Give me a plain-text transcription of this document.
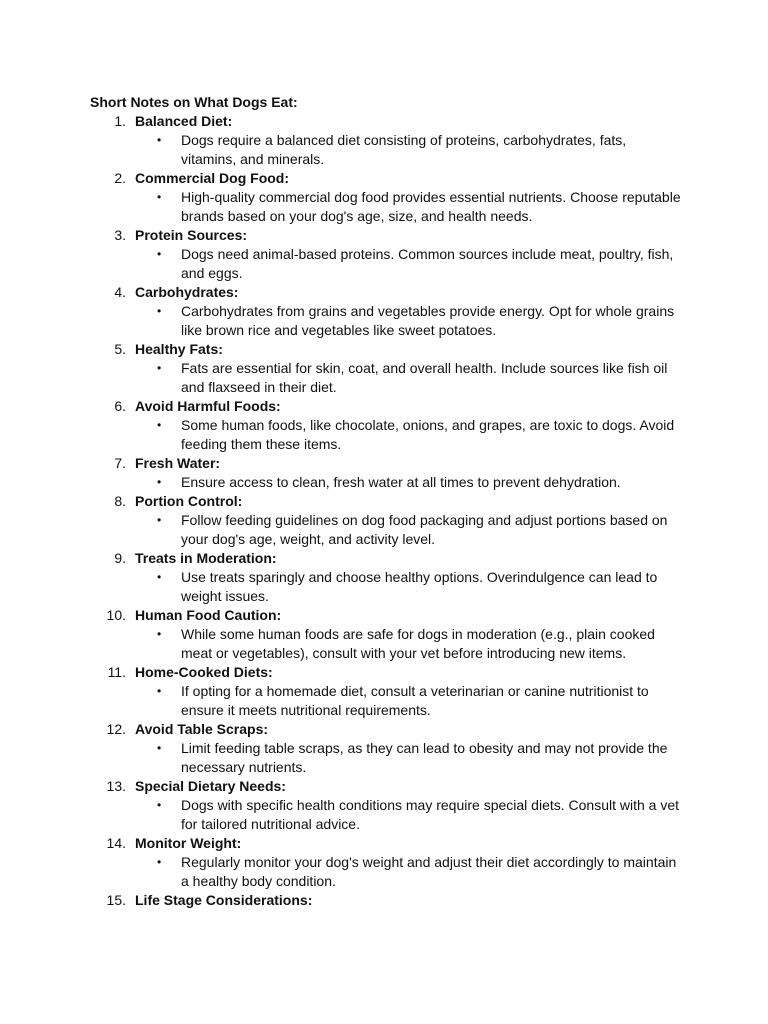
Short Notes on What Dogs Eat:
1. Balanced Diet:
• Dogs require a balanced diet consisting of proteins, carbohydrates, fats, vitamins, and minerals.
2. Commercial Dog Food:
• High-quality commercial dog food provides essential nutrients. Choose reputable brands based on your dog's age, size, and health needs.
3. Protein Sources:
• Dogs need animal-based proteins. Common sources include meat, poultry, fish, and eggs.
4. Carbohydrates:
• Carbohydrates from grains and vegetables provide energy. Opt for whole grains like brown rice and vegetables like sweet potatoes.
5. Healthy Fats:
• Fats are essential for skin, coat, and overall health. Include sources like fish oil and flaxseed in their diet.
6. Avoid Harmful Foods:
• Some human foods, like chocolate, onions, and grapes, are toxic to dogs. Avoid feeding them these items.
7. Fresh Water:
• Ensure access to clean, fresh water at all times to prevent dehydration.
8. Portion Control:
• Follow feeding guidelines on dog food packaging and adjust portions based on your dog's age, weight, and activity level.
9. Treats in Moderation:
• Use treats sparingly and choose healthy options. Overindulgence can lead to weight issues.
10. Human Food Caution:
• While some human foods are safe for dogs in moderation (e.g., plain cooked meat or vegetables), consult with your vet before introducing new items.
11. Home-Cooked Diets:
• If opting for a homemade diet, consult a veterinarian or canine nutritionist to ensure it meets nutritional requirements.
12. Avoid Table Scraps:
• Limit feeding table scraps, as they can lead to obesity and may not provide the necessary nutrients.
13. Special Dietary Needs:
• Dogs with specific health conditions may require special diets. Consult with a vet for tailored nutritional advice.
14. Monitor Weight:
• Regularly monitor your dog's weight and adjust their diet accordingly to maintain a healthy body condition.
15. Life Stage Considerations:
